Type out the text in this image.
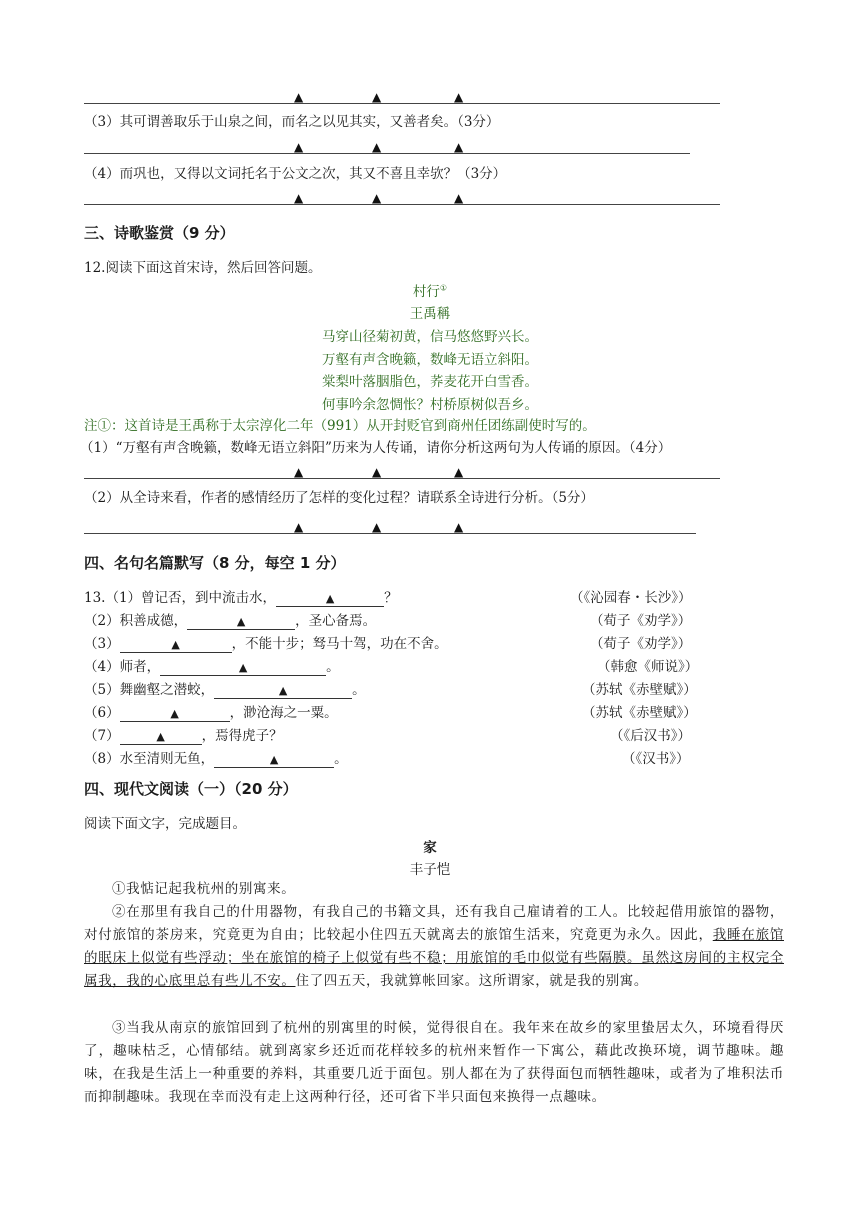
▲	▲	▲
（3）其可谓善取乐于山泉之间，而名之以见其实，又善者矣。（3分）
▲	▲	▲
（4）而巩也，又得以文词托名于公文之次，其又不喜且幸欤？（3分）
▲	▲	▲
三、诗歌鉴赏（9 分）
12.阅读下面这首宋诗，然后回答问题。
村行①
王禹稱
马穿山径菊初黄，信马悠悠野兴长。
万壑有声含晚籁，数峰无语立斜阳。
棠梨叶落胭脂色，荞麦花开白雪香。
何事吟余忽惆怅？村桥原树似吾乡。
注①：这首诗是王禹称于太宗淳化二年（991）从开封贬官到商州任团练副使时写的。
（1）“万壑有声含晚籁，数峰无语立斜阳”历来为人传诵，请你分析这两句为人传诵的原因。（4分）
▲	▲	▲
（2）从全诗来看，作者的感情经历了怎样的变化过程？请联系全诗进行分析。（5分）
▲	▲	▲
四、名句名篇默写（8 分，每空 1 分）
13.（1）曾记否，到中流击水，	▲	？	（《沁园春・长沙》）
（2）积善成德，	▲	，圣心备焉。	（荀子《劝学》）
（3）	▲	，不能十步；驽马十驾，功在不舍。	（荀子《劝学》）
（4）师者，	▲	。	（韩愈《师说》）
（5）舞幽壑之潜蛟，	▲	。	（苏轼《赤壁赋》）
（6）	▲	，渺沧海之一粟。	（苏轼《赤壁赋》）
（7）	▲	，焉得虎子？	（《后汉书》）
（8）水至清则无鱼，	▲	。	（《汉书》）
四、现代文阅读（一）（20 分）
阅读下面文字，完成题目。
家
丰子恺
①我惦记起我杭州的别寓来。
②在那里有我自己的什用器物，有我自己的书籍文具，还有我自己雇请着的工人。比较起借用旅馆的器物，对付旅馆的茶房来，究竟更为自由；比较起小住四五天就离去的旅馆生活来，究竟更为永久。因此，我睡在旅馆的眠床上似觉有些浮动；坐在旅馆的椅子上似觉有些不稳；用旅馆的毛巾似觉有些隔膜。虽然这房间的主权完全属我，我的心底里总有些儿不安。住了四五天，我就算帐回家。这所谓家，就是我的别寓。
③当我从南京的旅馆回到了杭州的别寓里的时候，觉得很自在。我年来在故乡的家里蛰居太久，环境看得厌了，趣味枯乏，心情郁结。就到离家乡还近而花样较多的杭州来暂作一下寓公，藉此改换环境，调节趣味。趣味，在我是生活上一种重要的养料，其重要几近于面包。别人都在为了获得面包而牺牲趣味，或者为了堆积法币而抑制趣味。我现在幸而没有走上这两种行径，还可省下半只面包来换得一点趣味。
